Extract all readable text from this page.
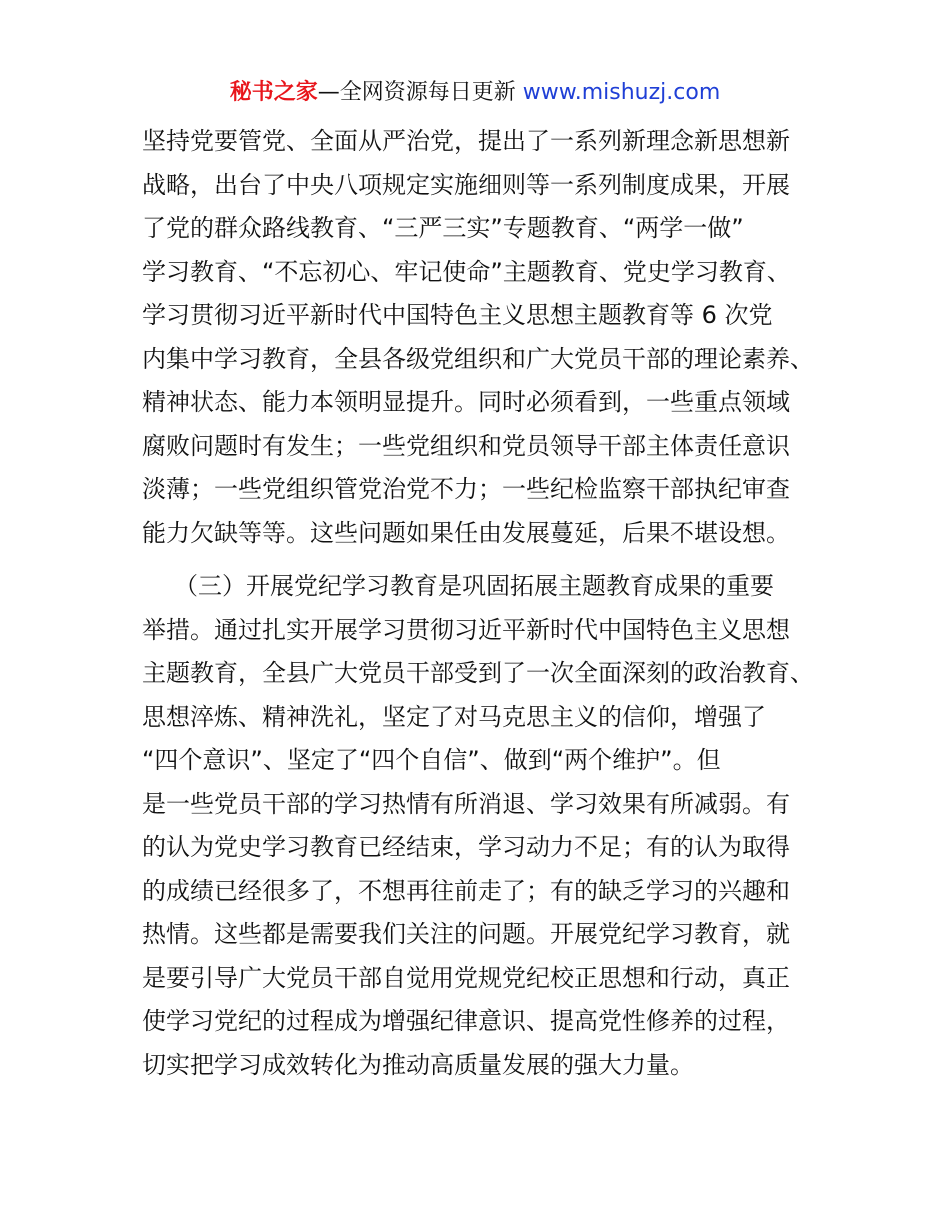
秘书之家—全网资源每日更新 www.mishuzj.com
坚持党要管党、全面从严治党，提出了一系列新理念新思想新
战略，出台了中央八项规定实施细则等一系列制度成果，开展
了党的群众路线教育、“三严三实”专题教育、“两学一做”
学习教育、“不忘初心、牢记使命”主题教育、党史学习教育、
学习贯彻习近平新时代中国特色主义思想主题教育等 6 次党
内集中学习教育，全县各级党组织和广大党员干部的理论素养、
精神状态、能力本领明显提升。同时必须看到，一些重点领域
腐败问题时有发生；一些党组织和党员领导干部主体责任意识
淡薄；一些党组织管党治党不力；一些纪检监察干部执纪审查
能力欠缺等等。这些问题如果任由发展蔓延，后果不堪设想。
（三）开展党纪学习教育是巩固拓展主题教育成果的重要
举措。通过扎实开展学习贯彻习近平新时代中国特色主义思想
主题教育，全县广大党员干部受到了一次全面深刻的政治教育、
思想淬炼、精神洗礼，坚定了对马克思主义的信仰，增强了
“四个意识”、坚定了“四个自信”、做到“两个维护”。但
是一些党员干部的学习热情有所消退、学习效果有所减弱。有
的认为党史学习教育已经结束，学习动力不足；有的认为取得
的成绩已经很多了，不想再往前走了；有的缺乏学习的兴趣和
热情。这些都是需要我们关注的问题。开展党纪学习教育，就
是要引导广大党员干部自觉用党规党纪校正思想和行动，真正
使学习党纪的过程成为增强纪律意识、提高党性修养的过程，
切实把学习成效转化为推动高质量发展的强大力量。
